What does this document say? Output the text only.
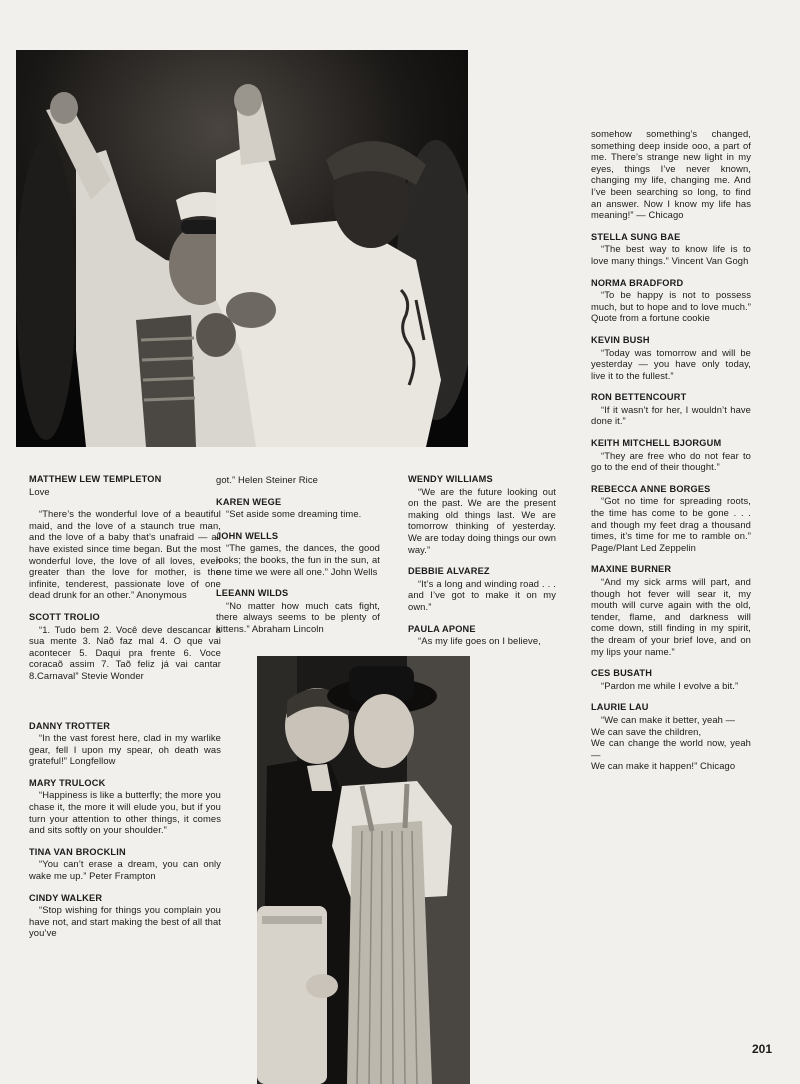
MATTHEW LEW TEMPLETON
Love
“There’s the wonderful love of a beautiful maid, and the love of a staunch true man, and the love of a baby that’s unafraid — all have existed since time began. But the most wonderful love, the love of all loves, even greater than the love for mother, is the infinite, tenderest, passionate love of one dead drunk for an other.” Anonymous
SCOTT TROLIO
“1. Tudo bem 2. Você deve descancar a sua mente 3. Naõ faz mal 4. O que vai acontecer 5. Daqui pra frente 6. Voce coracaõ assim 7. Taõ feliz já vai cantar 8.Carnaval” Stevie Wonder
DANNY TROTTER
“In the vast forest here, clad in my warlike gear, fell I upon my spear, oh death was grateful!” Longfellow
MARY TRULOCK
“Happiness is like a butterfly; the more you chase it, the more it will elude you, but if you turn your attention to other things, it comes and sits softly on your shoulder.”
TINA VAN BROCKLIN
“You can’t erase a dream, you can only wake me up.” Peter Frampton
CINDY WALKER
“Stop wishing for things you complain you have not, and start making the best of all that you’ve
got.” Helen Steiner Rice
KAREN WEGE
“Set aside some dreaming time.
JOHN WELLS
“The games, the dances, the good looks; the books, the fun in the sun, at one time we were all one.” John Wells
LEEANN WILDS
“No matter how much cats fight, there always seems to be plenty of kittens.” Abraham Lincoln
WENDY WILLIAMS
“We are the future looking out on the past. We are the present making old things last. We are tomorrow thinking of yesterday. We are today doing things our own way.”
DEBBIE ALVAREZ
“It’s a long and winding road . . . and I’ve got to make it on my own.”
PAULA APONE
“As my life goes on I believe,
somehow something’s changed, something deep inside ooo, a part of me. There’s strange new light in my eyes, things I’ve never known, changing my life, changing me. And I’ve been searching so long, to find an answer. Now I know my life has meaning!” — Chicago
STELLA SUNG BAE
“The best way to know life is to love many things.” Vincent Van Gogh
NORMA BRADFORD
“To be happy is not to possess much, but to hope and to love much.” Quote from a fortune cookie
KEVIN BUSH
“Today was tomorrow and will be yesterday — you have only today, live it to the fullest.”
RON BETTENCOURT
“If it wasn’t for her, I wouldn’t have done it.”
KEITH MITCHELL BJORGUM
“They are free who do not fear to go to the end of their thought.”
REBECCA ANNE BORGES
“Got no time for spreading roots, the time has come to be gone . . . and though my feet drag a thousand times, it’s time for me to ramble on.” Page/Plant Led Zeppelin
MAXINE BURNER
“And my sick arms will part, and though hot fever will sear it, my mouth will curve again with the old, tender, flame, and darkness will come down, still finding in my spirit, the dream of your brief love, and on my lips your name.”
CES BUSATH
“Pardon me while I evolve a bit.”
LAURIE LAU
“We can make it better, yeah —
We can save the children,
We can change the world now, yeah —
We can make it happen!” Chicago
201
